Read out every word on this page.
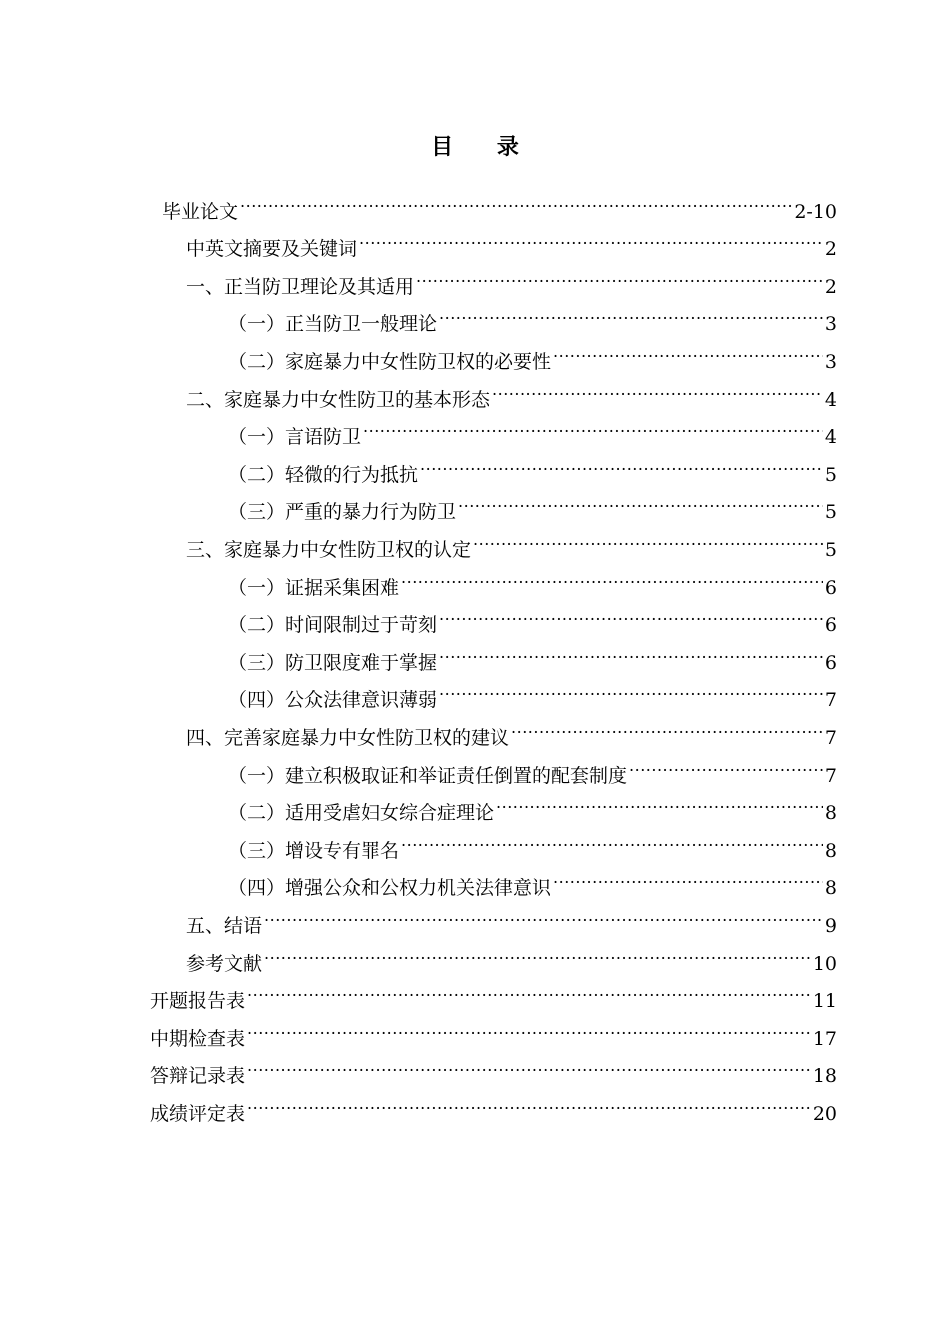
目 录
毕业论文 .....	2-10
中英文摘要及关键词 .....	2
一、正当防卫理论及其适用 .....	2
（一）正当防卫一般理论 .....	3
（二）家庭暴力中女性防卫权的必要性 .....	3
二、家庭暴力中女性防卫的基本形态 .....	4
（一）言语防卫 .....	4
（二）轻微的行为抵抗 .....	5
（三）严重的暴力行为防卫 .....	5
三、家庭暴力中女性防卫权的认定 .....	5
（一）证据采集困难 .....	6
（二）时间限制过于苛刻 .....	6
（三）防卫限度难于掌握 .....	6
（四）公众法律意识薄弱 .....	7
四、完善家庭暴力中女性防卫权的建议 .....	7
（一）建立积极取证和举证责任倒置的配套制度 .....	7
（二）适用受虐妇女综合症理论 .....	8
（三）增设专有罪名 .....	8
（四）增强公众和公权力机关法律意识 .....	8
五、结语 .....	9
参考文献 .....	10
开题报告表 .....	11
中期检查表 .....	17
答辩记录表 .....	18
成绩评定表 .....	20
